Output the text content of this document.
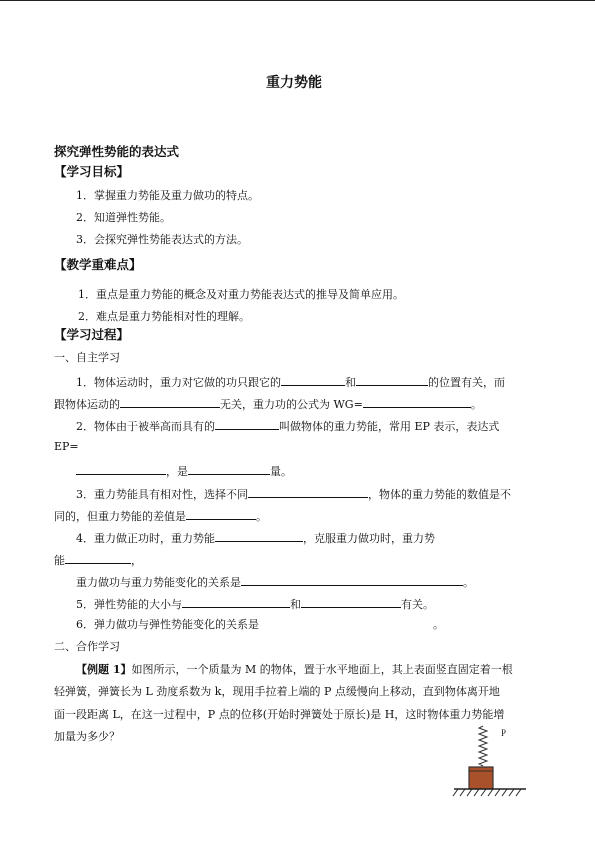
重力势能
探究弹性势能的表达式
【学习目标】
1．掌握重力势能及重力做功的特点。
2．知道弹性势能。
3．会探究弹性势能表达式的方法。
【教学重难点】
1．重点是重力势能的概念及对重力势能表达式的推导及简单应用。
2．难点是重力势能相对性的理解。
【学习过程】
一、自主学习
1．物体运动时，重力对它做的功只跟它的	和	的位置有关，而
跟物体运动的	无关，重力功的公式为 WG=	。
2．物体由于被举高而具有的	叫做物体的重力势能，常用 EP 表示，表达式
EP=
，是	量。
3．重力势能具有相对性，选择不同	，物体的重力势能的数值是不
同的，但重力势能的差值是	。
4．重力做正功时，重力势能	，克服重力做功时，重力势
能	，
重力做功与重力势能变化的关系是	。
5．弹性势能的大小与	和	有关。
6．弹力做功与弹性势能变化的关系是	。
二、合作学习
【例题 1】如图所示，一个质量为 M 的物体，置于水平地面上，其上表面竖直固定着一根
轻弹簧，弹簧长为 L 劲度系数为 k，现用手拉着上端的 P 点缓慢向上移动，直到物体离开地
面一段距离 L，在这一过程中，P 点的位移(开始时弹簧处于原长)是 H，这时物体重力势能增
加量为多少？	P
